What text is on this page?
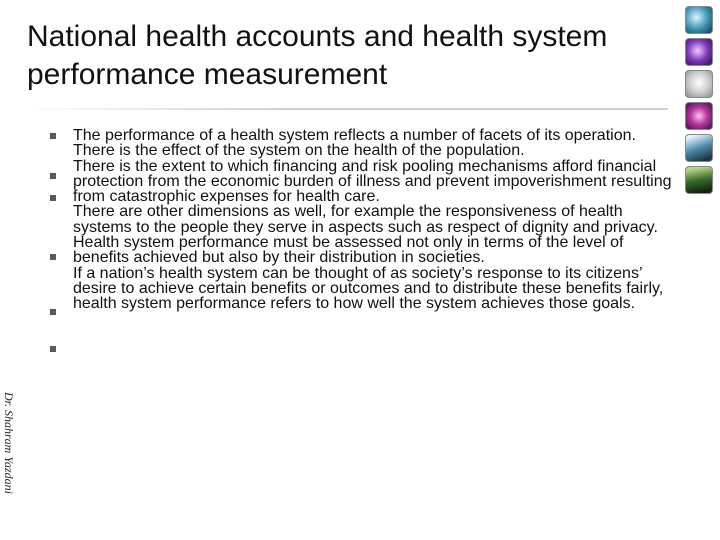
National health accounts and health system performance measurement

The performance of a health system reflects a number of facets of its operation.

There is the effect of the system on the health of the population.

There is the extent to which financing and risk pooling mechanisms afford financial protection from the economic burden of illness and prevent impoverishment resulting from catastrophic expenses for health care.

There are other dimensions as well, for example the responsiveness of health systems to the people they serve in aspects such as respect of dignity and privacy.

Health system performance must be assessed not only in terms of the level of benefits achieved but also by their distribution in societies.

If a nation’s health system can be thought of as society’s response to its citizens’ desire to achieve certain benefits or outcomes and to distribute these benefits fairly, health system performance refers to how well the system achieves those goals.

Dr. Shahram Yazdani
